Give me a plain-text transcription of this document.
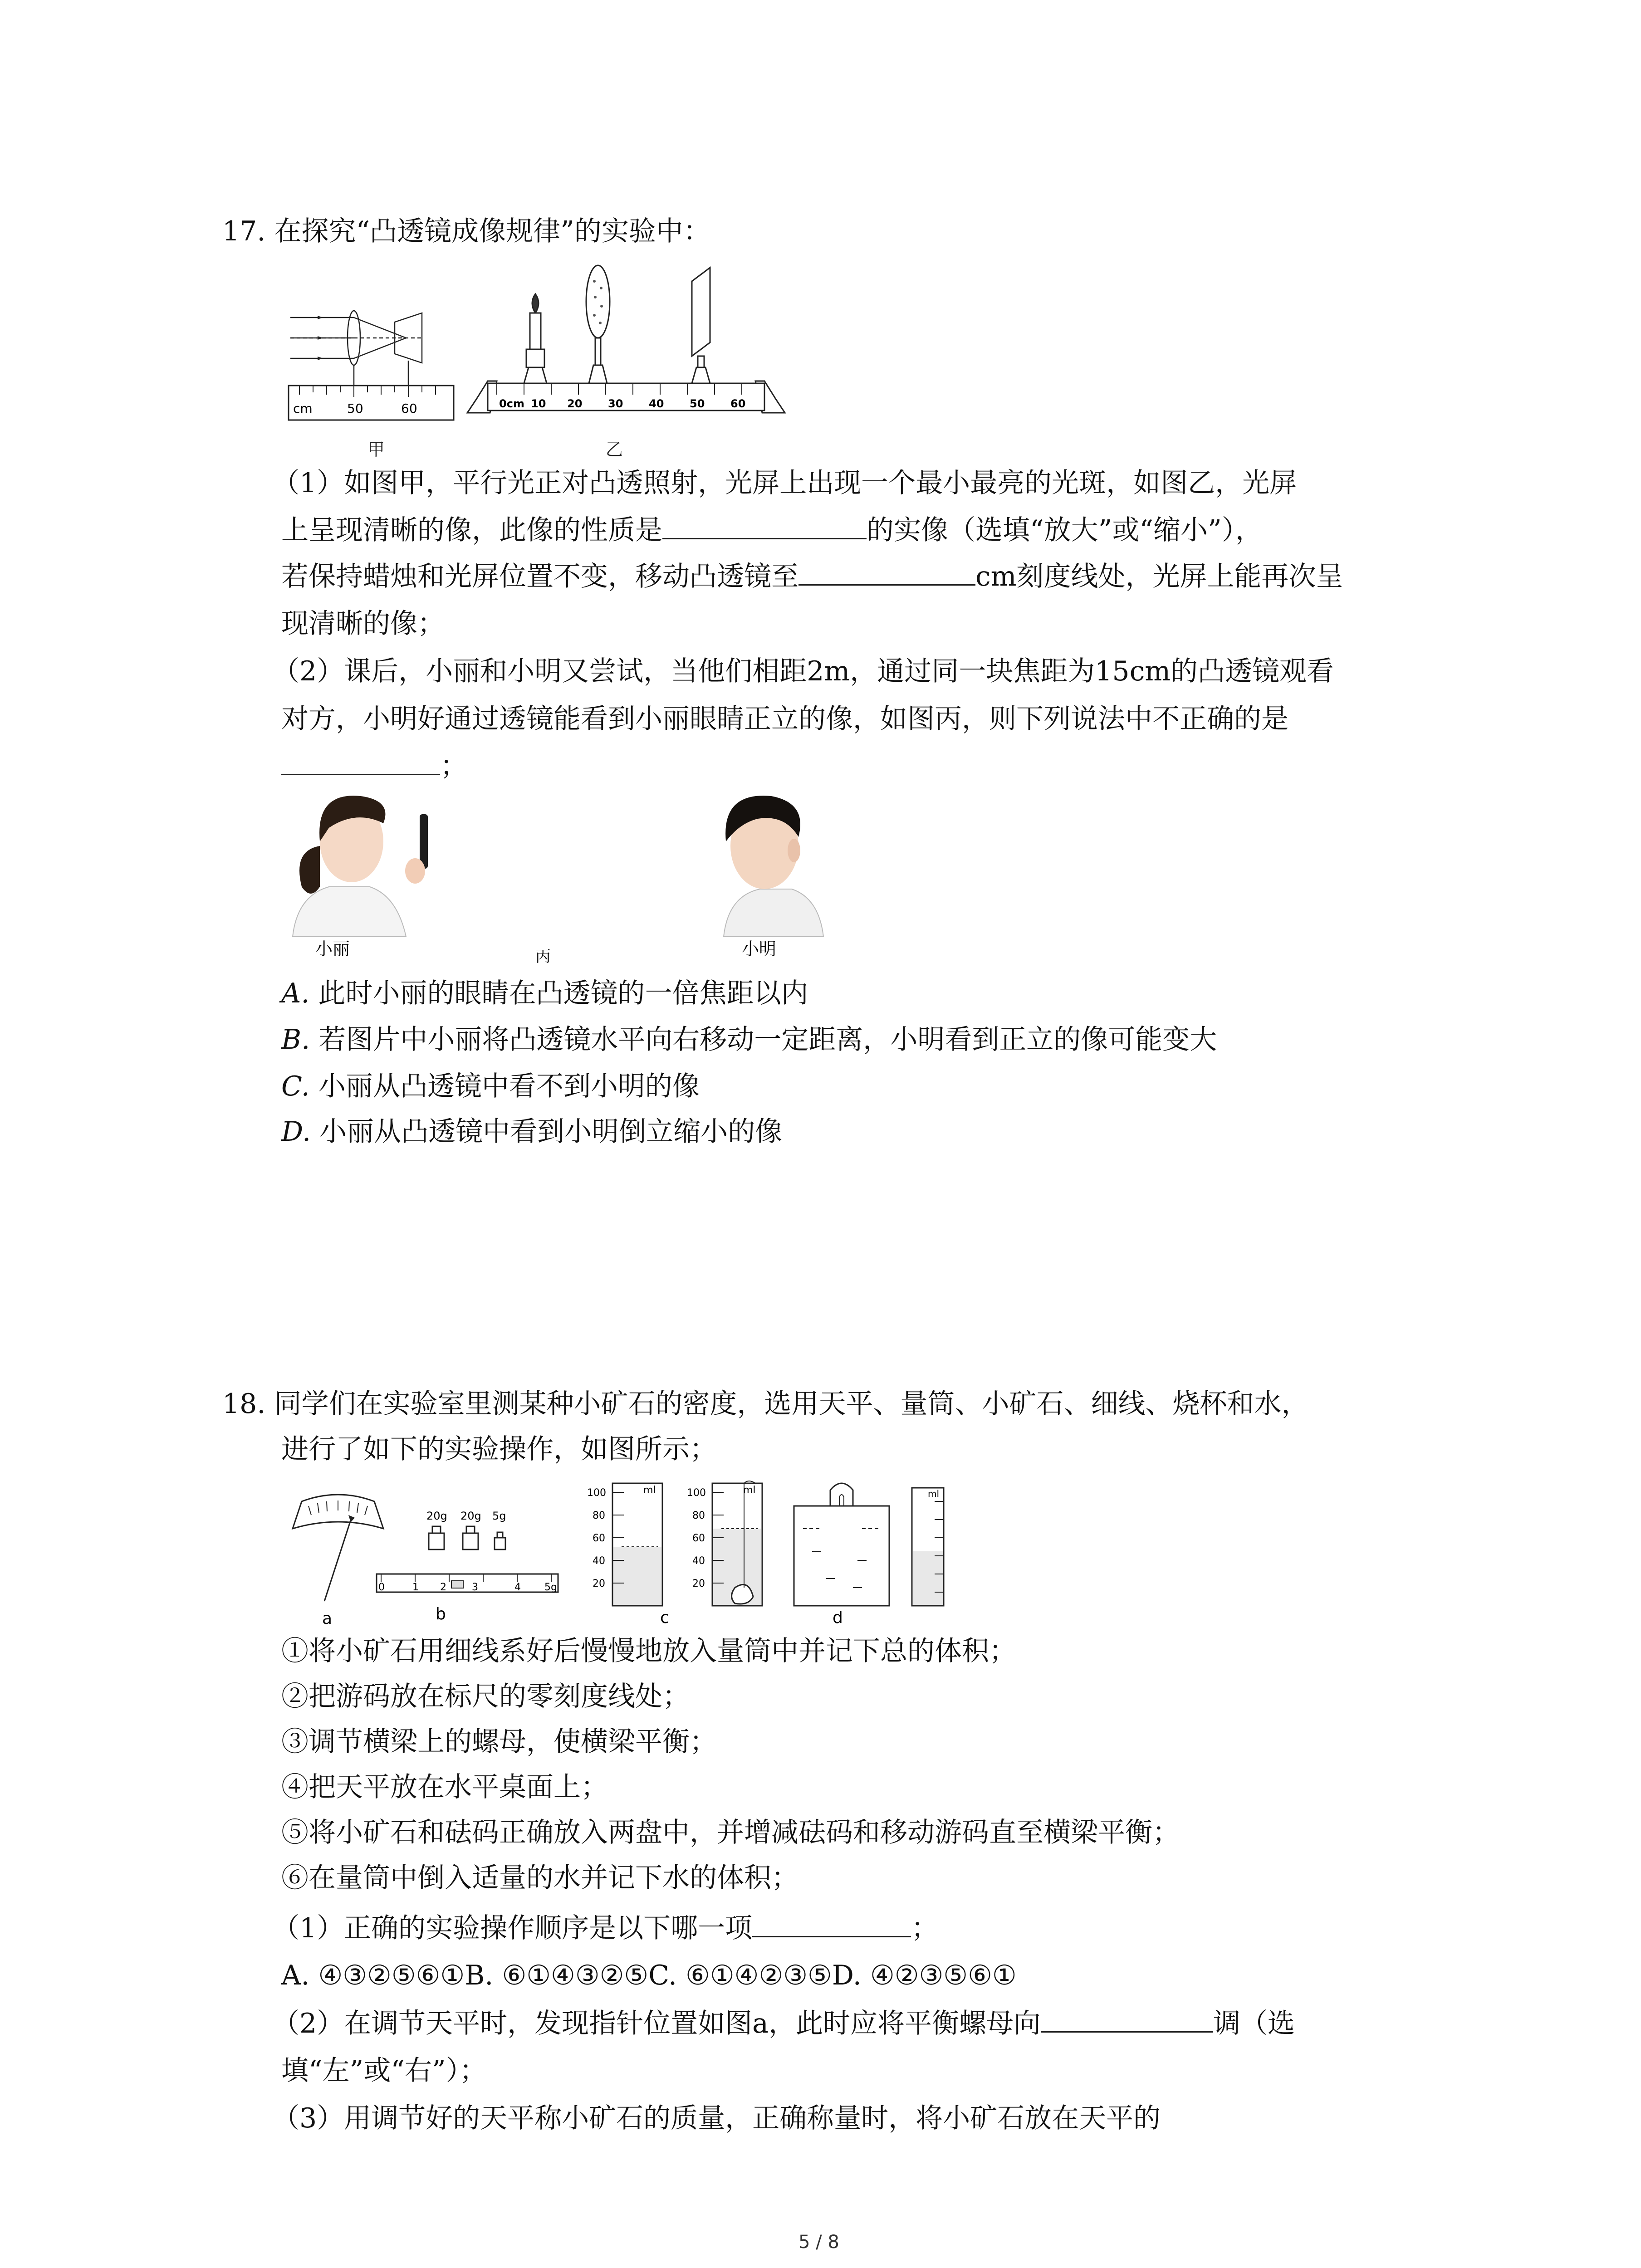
17. 在探究“凸透镜成像规律”的实验中：
cm	50	60
甲
0cm 10 20 30 40 50 60
乙
（1）如图甲，平行光正对凸透照射，光屏上出现一个最小最亮的光斑，如图乙，光屏
上呈现清晰的像，此像的性质是	的实像（选填“放大”或“缩小”），
若保持蜡烛和光屏位置不变，移动凸透镜至	cm刻度线处，光屏上能再次呈
现清晰的像；
（2）课后，小丽和小明又尝试，当他们相距2m，通过同一块焦距为15cm的凸透镜观看
对方，小明好通过透镜能看到小丽眼睛正立的像，如图丙，则下列说法中不正确的是
；
小丽	丙	小明
A. 此时小丽的眼睛在凸透镜的一倍焦距以内
B. 若图片中小丽将凸透镜水平向右移动一定距离，小明看到正立的像可能变大
C. 小丽从凸透镜中看不到小明的像
D. 小丽从凸透镜中看到小明倒立缩小的像
18. 同学们在实验室里测某种小矿石的密度，选用天平、量筒、小矿石、细线、烧杯和水，
进行了如下的实验操作，如图所示；
a
20g 20g 5g
0	1 2	3	4 5g
b
ml	ml
100
80
60
40
20
100
80
60
40
20
c
ml
d
①将小矿石用细线系好后慢慢地放入量筒中并记下总的体积；
②把游码放在标尺的零刻度线处；
③调节横梁上的螺母，使横梁平衡；
④把天平放在水平桌面上；
⑤将小矿石和砝码正确放入两盘中，并增减砝码和移动游码直至横梁平衡；
⑥在量筒中倒入适量的水并记下水的体积；
（1）正确的实验操作顺序是以下哪一项	；
A. ④③②⑤⑥①B. ⑥①④③②⑤C. ⑥①④②③⑤D. ④②③⑤⑥①
（2）在调节天平时，发现指针位置如图a，此时应将平衡螺母向	调（选
填“左”或“右”）；
（3）用调节好的天平称小矿石的质量，正确称量时，将小矿石放在天平的
5 / 8
